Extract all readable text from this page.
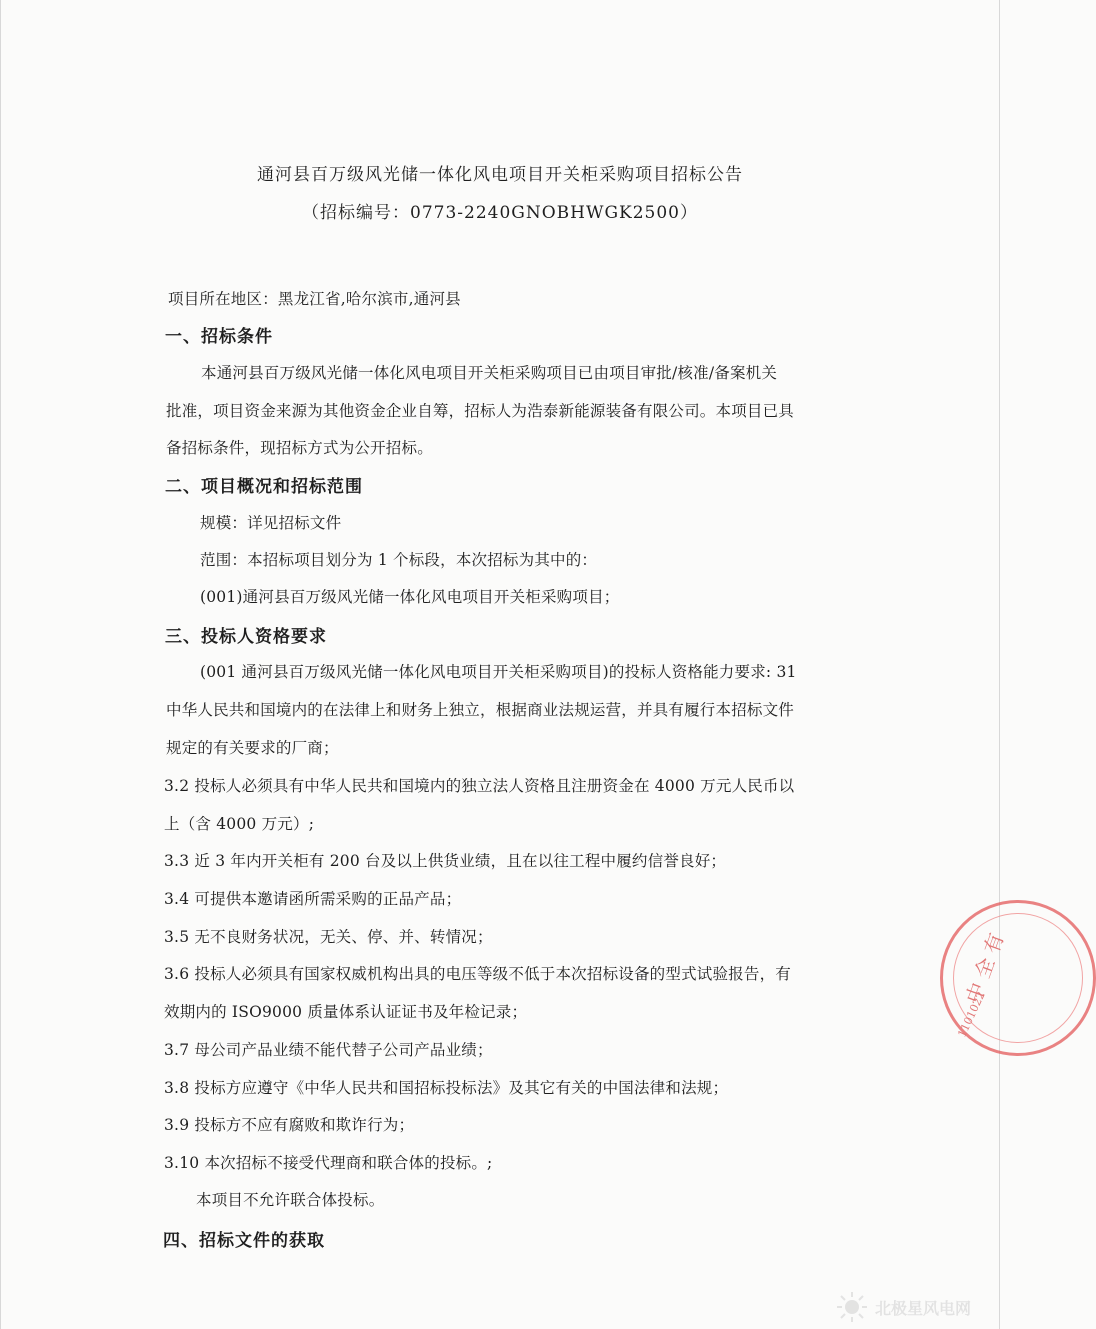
通河县百万级风光储一体化风电项目开关柜采购项目招标公告
（招标编号：0773-2240GNOBHWGK2500）
项目所在地区：黑龙江省,哈尔滨市,通河县
一、招标条件
本通河县百万级风光储一体化风电项目开关柜采购项目已由项目审批/核准/备案机关
批准，项目资金来源为其他资金企业自筹，招标人为浩泰新能源装备有限公司。本项目已具
备招标条件，现招标方式为公开招标。
二、项目概况和招标范围
规模：详见招标文件
范围：本招标项目划分为 1 个标段，本次招标为其中的：
(001)通河县百万级风光储一体化风电项目开关柜采购项目；
三、投标人资格要求
(001 通河县百万级风光储一体化风电项目开关柜采购项目)的投标人资格能力要求: 31
中华人民共和国境内的在法律上和财务上独立，根据商业法规运营，并具有履行本招标文件
规定的有关要求的厂商；
3.2 投标人必须具有中华人民共和国境内的独立法人资格且注册资金在 4000 万元人民币以
上（含 4000 万元）;
3.3 近 3 年内开关柜有 200 台及以上供货业绩，且在以往工程中履约信誉良好；
3.4 可提供本邀请函所需采购的正品产品；
3.5 无不良财务状况，无关、停、并、转情况；
3.6 投标人必须具有国家权威机构出具的电压等级不低于本次招标设备的型式试验报告，有
效期内的 ISO9000 质量体系认证证书及年检记录；
3.7 母公司产品业绩不能代替子公司产品业绩；
3.8 投标方应遵守《中华人民共和国招标投标法》及其它有关的中国法律和法规；
3.9 投标方不应有腐败和欺诈行为；
3.10 本次招标不接受代理商和联合体的投标。;
本项目不允许联合体投标。
四、招标文件的获取
中 全 有
1101022
北极星风电网
